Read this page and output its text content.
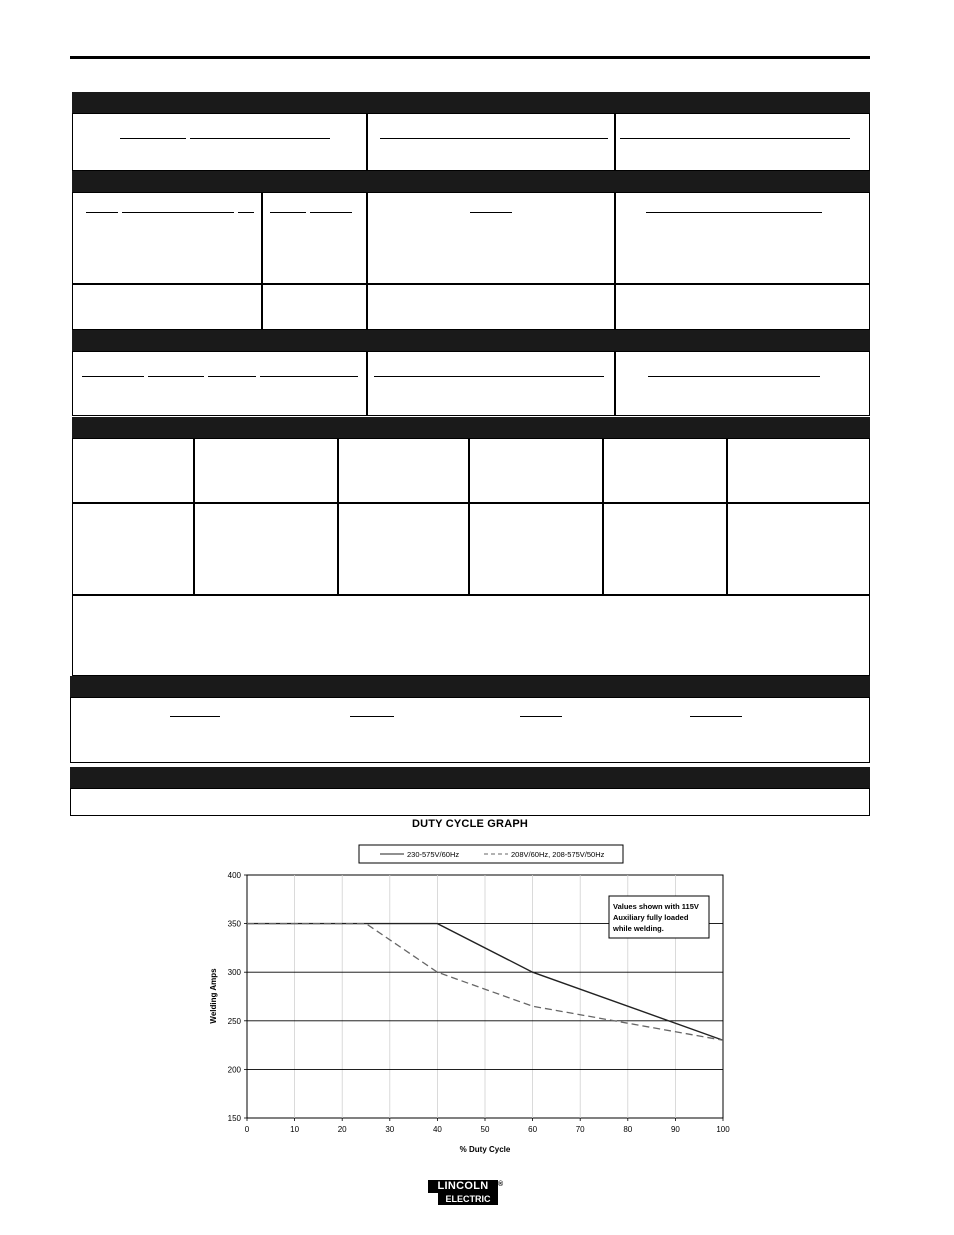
DUTY CYCLE GRAPH
230-575V/60Hz	208V/60Hz, 208-575V/50Hz
0	10	20	30	40	50	60	70	80	90	100
150
200
250
300
350
400
Values shown with 115V
Auxiliary fully loaded
while welding.
% Duty Cycle
Welding Amps
LINCOLN
ELECTRIC
®
